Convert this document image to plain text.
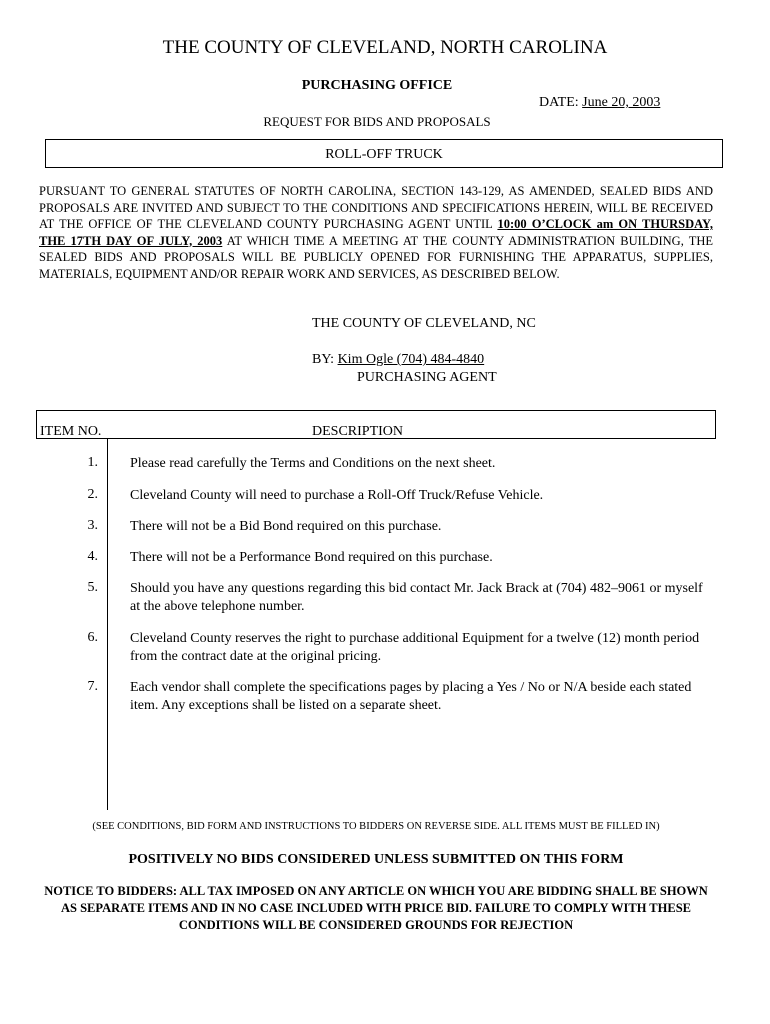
THE COUNTY OF CLEVELAND, NORTH CAROLINA
PURCHASING OFFICE
DATE: June 20, 2003
REQUEST FOR BIDS AND PROPOSALS
ROLL-OFF TRUCK
PURSUANT TO GENERAL STATUTES OF NORTH CAROLINA, SECTION 143-129, AS AMENDED, SEALED BIDS AND PROPOSALS ARE INVITED AND SUBJECT TO THE CONDITIONS AND SPECIFICATIONS HEREIN, WILL BE RECEIVED AT THE OFFICE OF THE CLEVELAND COUNTY PURCHASING AGENT UNTIL 10:00 O’CLOCK am ON THURSDAY, THE 17TH DAY OF JULY, 2003 AT WHICH TIME A MEETING AT THE COUNTY ADMINISTRATION BUILDING, THE SEALED BIDS AND PROPOSALS WILL BE PUBLICLY OPENED FOR FURNISHING THE APPARATUS, SUPPLIES, MATERIALS, EQUIPMENT AND/OR REPAIR WORK AND SERVICES, AS DESCRIBED BELOW.
THE COUNTY OF CLEVELAND, NC
BY: Kim Ogle (704) 484-4840
PURCHASING AGENT
ITEM NO.	DESCRIPTION
1. Please read carefully the Terms and Conditions on the next sheet.
2. Cleveland County will need to purchase a Roll-Off Truck/Refuse Vehicle.
3. There will not be a Bid Bond required on this purchase.
4. There will not be a Performance Bond required on this purchase.
5. Should you have any questions regarding this bid contact Mr. Jack Brack at (704) 482–9061 or myself at the above telephone number.
6. Cleveland County reserves the right to purchase additional Equipment for a twelve (12) month period from the contract date at the original pricing.
7. Each vendor shall complete the specifications pages by placing a Yes / No or N/A beside each stated item. Any exceptions shall be listed on a separate sheet.
(SEE CONDITIONS, BID FORM AND INSTRUCTIONS TO BIDDERS ON REVERSE SIDE. ALL ITEMS MUST BE FILLED IN)
POSITIVELY NO BIDS CONSIDERED UNLESS SUBMITTED ON THIS FORM
NOTICE TO BIDDERS: ALL TAX IMPOSED ON ANY ARTICLE ON WHICH YOU ARE BIDDING SHALL BE SHOWN AS SEPARATE ITEMS AND IN NO CASE INCLUDED WITH PRICE BID. FAILURE TO COMPLY WITH THESE CONDITIONS WILL BE CONSIDERED GROUNDS FOR REJECTION
